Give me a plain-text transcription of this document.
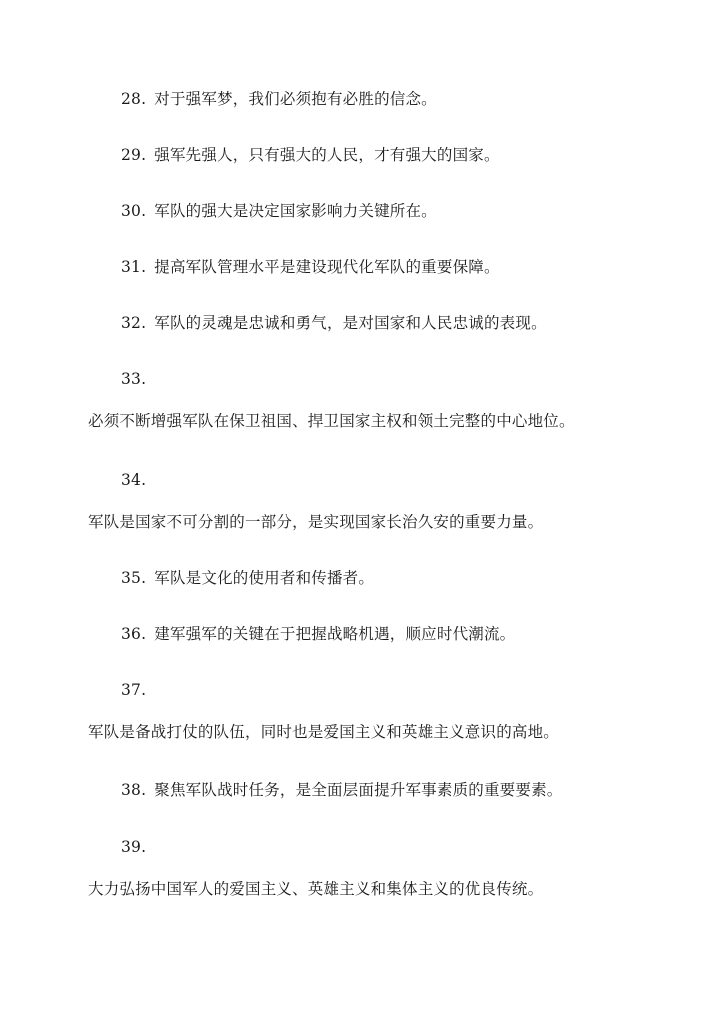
28. 对于强军梦，我们必须抱有必胜的信念。
29. 强军先强人，只有强大的人民，才有强大的国家。
30. 军队的强大是决定国家影响力关键所在。
31. 提高军队管理水平是建设现代化军队的重要保障。
32. 军队的灵魂是忠诚和勇气，是对国家和人民忠诚的表现。
33.
必须不断增强军队在保卫祖国、捍卫国家主权和领土完整的中心地位。
34.
军队是国家不可分割的一部分，是实现国家长治久安的重要力量。
35. 军队是文化的使用者和传播者。
36. 建军强军的关键在于把握战略机遇，顺应时代潮流。
37.
军队是备战打仗的队伍，同时也是爱国主义和英雄主义意识的高地。
38. 聚焦军队战时任务，是全面层面提升军事素质的重要要素。
39.
大力弘扬中国军人的爱国主义、英雄主义和集体主义的优良传统。
